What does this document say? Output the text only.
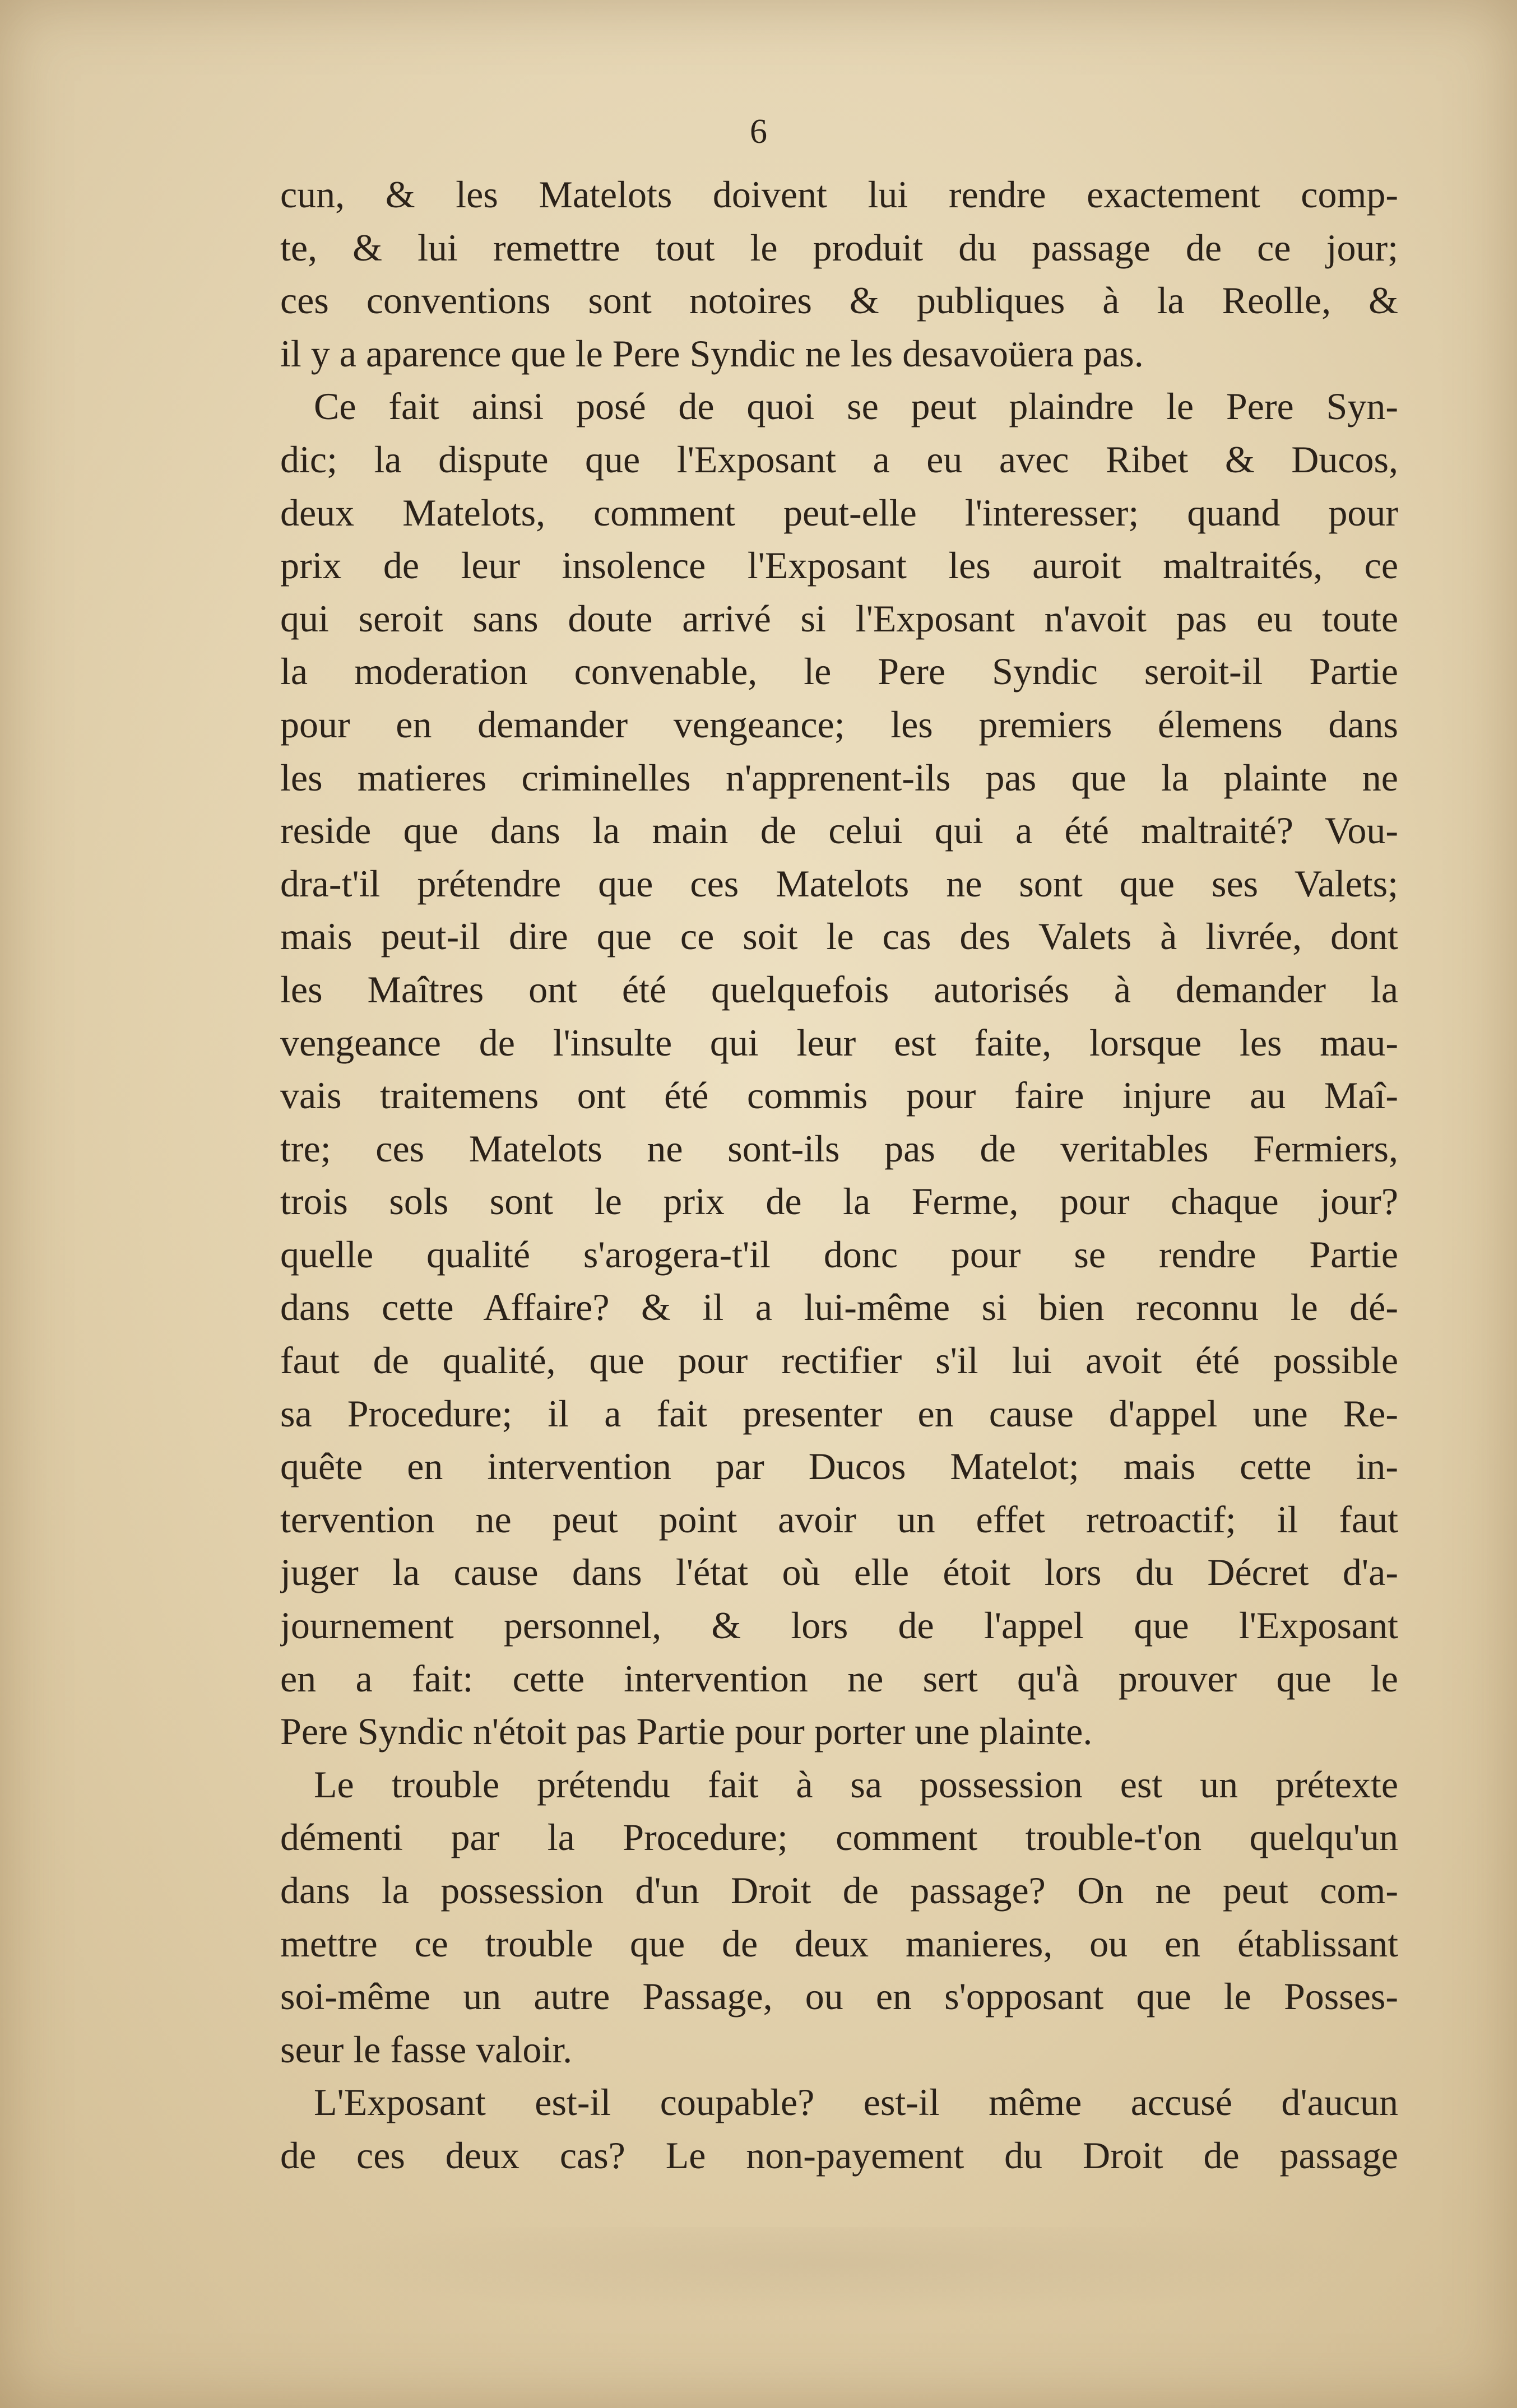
6
cun, & les Matelots doivent lui rendre exactement comp-
te, & lui remettre tout le produit du passage de ce jour;
ces conventions sont notoires & publiques à la Reolle, &
il y a aparence que le Pere Syndic ne les desavoüera pas.
Ce fait ainsi posé de quoi se peut plaindre le Pere Syn-
dic; la dispute que l'Exposant a eu avec Ribet & Ducos,
deux Matelots, comment peut-elle l'interesser; quand pour
prix de leur insolence l'Exposant les auroit maltraités, ce
qui seroit sans doute arrivé si l'Exposant n'avoit pas eu toute
la moderation convenable, le Pere Syndic seroit-il Partie
pour en demander vengeance; les premiers élemens dans
les matieres criminelles n'apprenent-ils pas que la plainte ne
reside que dans la main de celui qui a été maltraité? Vou-
dra-t'il prétendre que ces Matelots ne sont que ses Valets;
mais peut-il dire que ce soit le cas des Valets à livrée, dont
les Maîtres ont été quelquefois autorisés à demander la
vengeance de l'insulte qui leur est faite, lorsque les mau-
vais traitemens ont été commis pour faire injure au Maî-
tre; ces Matelots ne sont-ils pas de veritables Fermiers,
trois sols sont le prix de la Ferme, pour chaque jour?
quelle qualité s'arogera-t'il donc pour se rendre Partie
dans cette Affaire? & il a lui-même si bien reconnu le dé-
faut de qualité, que pour rectifier s'il lui avoit été possible
sa Procedure; il a fait presenter en cause d'appel une Re-
quête en intervention par Ducos Matelot; mais cette in-
tervention ne peut point avoir un effet retroactif; il faut
juger la cause dans l'état où elle étoit lors du Décret d'a-
journement personnel, & lors de l'appel que l'Exposant
en a fait: cette intervention ne sert qu'à prouver que le
Pere Syndic n'étoit pas Partie pour porter une plainte.
Le trouble prétendu fait à sa possession est un prétexte
démenti par la Procedure; comment trouble-t'on quelqu'un
dans la possession d'un Droit de passage? On ne peut com-
mettre ce trouble que de deux manieres, ou en établissant
soi-même un autre Passage, ou en s'opposant que le Posses-
seur le fasse valoir.
L'Exposant est-il coupable? est-il même accusé d'aucun
de ces deux cas? Le non-payement du Droit de passage
